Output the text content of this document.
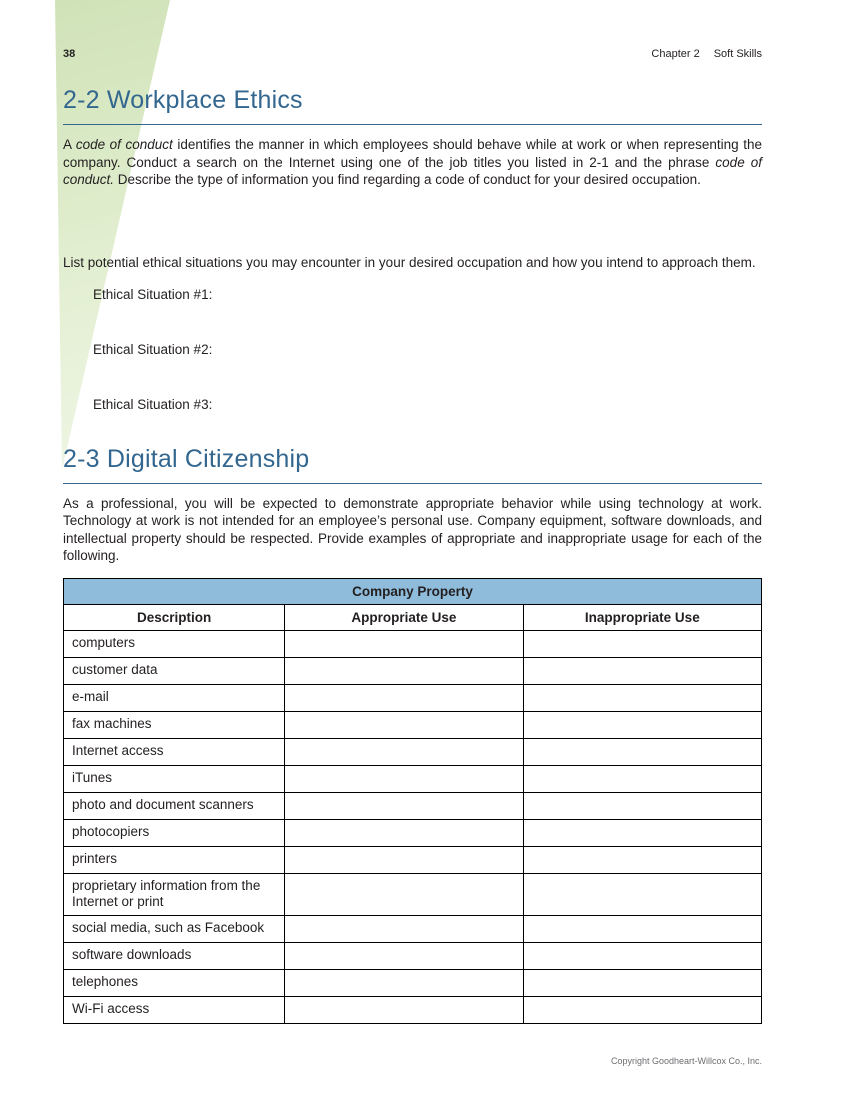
38	Chapter 2 Soft Skills
2-2 Workplace Ethics

A code of conduct identifies the manner in which employees should behave while at work or when representing the company. Conduct a search on the Internet using one of the job titles you listed in 2-1 and the phrase code of conduct. Describe the type of information you find regarding a code of conduct for your desired occupation.

List potential ethical situations you may encounter in your desired occupation and how you intend to approach them.

Ethical Situation #1:
Ethical Situation #2:
Ethical Situation #3:
2-3 Digital Citizenship

As a professional, you will be expected to demonstrate appropriate behavior while using technology at work. Technology at work is not intended for an employee’s personal use. Company equipment, software downloads, and intellectual property should be respected. Provide examples of appropriate and inappropriate usage for each of the following.

Company Property		
Description	Appropriate Use	Inappropriate Use
computers		
customer data		
e-mail		
fax machines		
Internet access		
iTunes		
photo and document scanners		
photocopiers		
printers		
proprietary information from the Internet or print		
social media, such as Facebook		
software downloads		
telephones		
Wi-Fi access		
Copyright Goodheart-Willcox Co., Inc.
